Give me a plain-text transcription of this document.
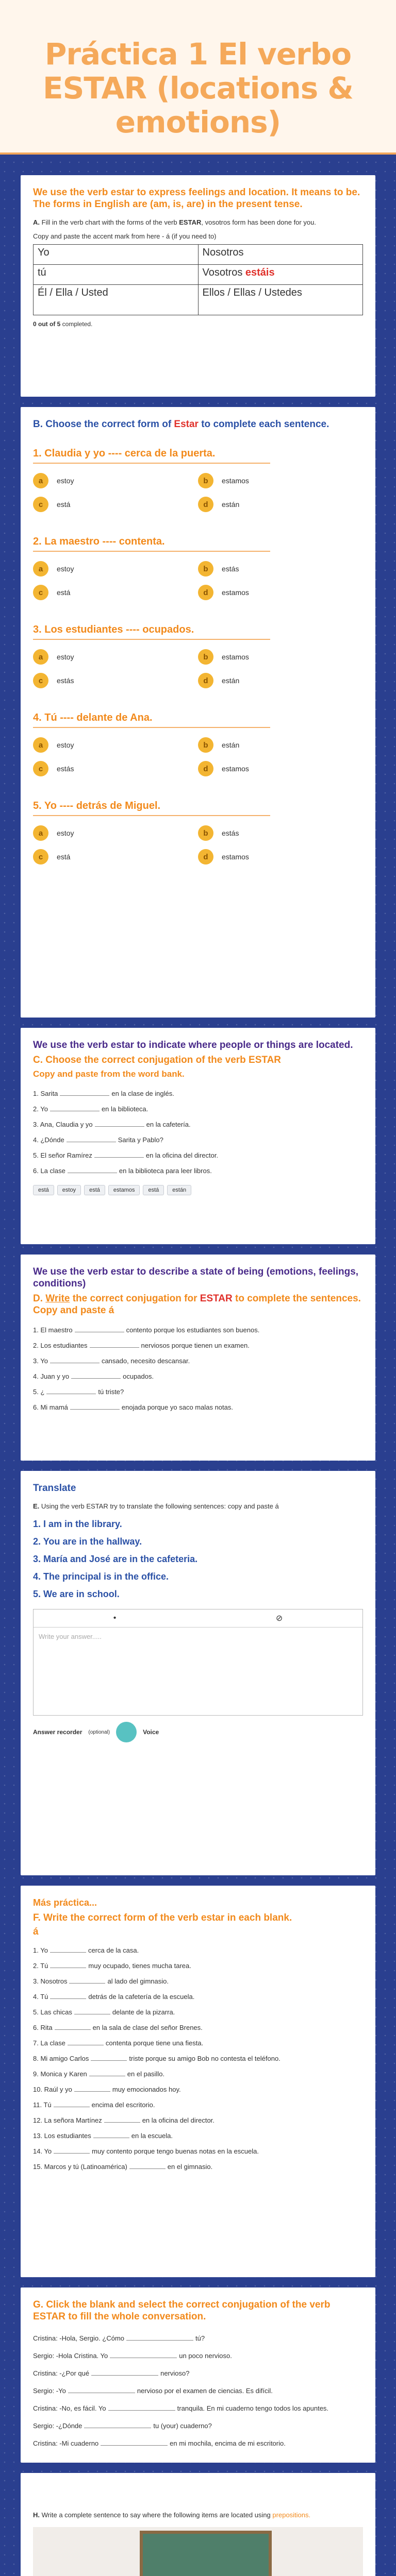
Práctica 1 El verbo ESTAR (locations & emotions)

We use the verb estar to express feelings and location. It means to be. The forms in English are (am, is, are) in the present tense.

A. Fill in the verb chart with the forms of the verb ESTAR, vosotros form has been done for you.
Copy and paste the accent mark from here - á (if you need to)
Yo	Nosotros
tú	Vosotros estáis
Él / Ella / Usted	Ellos / Ellas / Ustedes
0 out of 5 completed.

B. Choose the correct form of Estar to complete each sentence.

1. Claudia y yo ---- cerca de la puerta.
a	estoy	b	estamos
c	está	d	están
2. La maestro ---- contenta.
a	estoy	b	estás
c	está	d	estamos
3. Los estudiantes ---- ocupados.
a	estoy	b	estamos
c	estás	d	están
4. Tú ---- delante de Ana.
a	estoy	b	están
c	estás	d	estamos
5. Yo ---- detrás de Miguel.
a	estoy	b	estás
c	está	d	estamos

We use the verb estar to indicate where people or things are located.

C. Choose the correct conjugation of the verb ESTAR

Copy and paste from the word bank.

1. Sarita	en la clase de inglés.
2. Yo	en la biblioteca.
3. Ana, Claudia y yo	en la cafetería.
4. ¿Dónde	Sarita y Pablo?
5. El señor Ramírez	en la oficina del director.
6. La clase	en la biblioteca para leer libros.
está	estoy	está	estamos	está	están

We use the verb estar to describe a state of being (emotions, feelings, conditions)

D. Write the correct conjugation for ESTAR to complete the sentences. Copy and paste á

1. El maestro	contento porque los estudiantes son buenos.
2. Los estudiantes	nerviosos porque tienen un examen.
3. Yo	cansado, necesito descansar.
4. Juan y yo	ocupados.
5. ¿	tú triste?
6. Mi mamá	enojada porque yo saco malas notas.

Translate

E. Using the verb ESTAR try to translate the following sentences: copy and paste á
1. I am in the library.
2. You are in the hallway.
3. María and José are in the cafeteria.
4. The principal is in the office.
5. We are in school.
•	⊘
Write your answer.....
Answer recorder (optional)	Voice

Más práctica...

F. Write the correct form of the verb estar in each blank.

á

1. Yo	cerca de la casa.
2. Tú	muy ocupado, tienes mucha tarea.
3. Nosotros	al lado del gimnasio.
4. Tú	detrás de la cafetería de la escuela.
5. Las chicas	delante de la pizarra.
6. Rita	en la sala de clase del señor Brenes.
7. La clase	contenta porque tiene una fiesta.
8. Mi amigo Carlos	triste porque su amigo Bob no contesta el teléfono.
9. Monica y Karen	en el pasillo.
10. Raúl y yo	muy emocionados hoy.
11. Tú	encima del escritorio.
12. La señora Martínez	en la oficina del director.
13. Los estudiantes	en la escuela.
14. Yo	muy contento porque tengo buenas notas en la escuela.
15. Marcos y tú (Latinoamérica)	en el gimnasio.

G. Click the blank and select the correct conjugation of the verb ESTAR to fill the whole conversation.

Cristina: -Hola, Sergio. ¿Cómo	tú?
Sergio: -Hola Cristina. Yo	un poco nervioso.
Cristina: -¿Por qué	nervioso?
Sergio: -Yo	nervioso por el examen de ciencias. Es difícil.
Cristina: -No, es fácil. Yo	tranquila. En mi cuaderno tengo todos los apuntes.
Sergio: -¿Dónde	tu (your) cuaderno?
Cristina: -Mi cuaderno	en mi mochila, encima de mi escritorio.
H. Write a complete sentence to say where the following items are located using prepositions.
